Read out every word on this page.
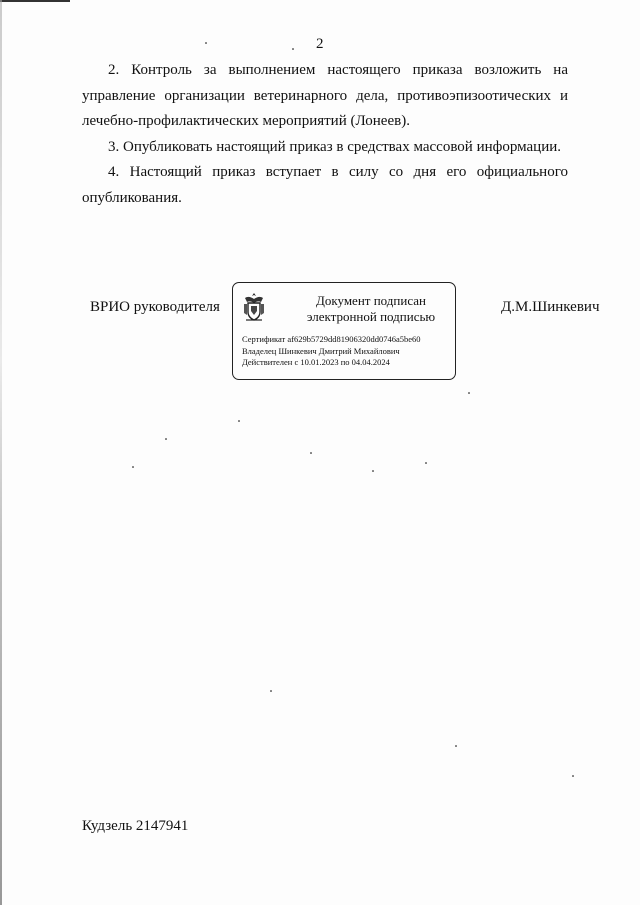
2

2. Контроль за выполнением настоящего приказа возложить на управление организации ветеринарного дела, противоэпизоотических и лечебно-профилактических мероприятий (Лонеев).

3. Опубликовать настоящий приказ в средствах массовой информации.

4. Настоящий приказ вступает в силу со дня его официального опубликования.

ВРИО руководителя	Документ подписан
электронной подписью
Сертификат af629b5729dd81906320dd0746a5be60
Владелец Шинкевич Дмитрий Михайлович
Действителен с 10.01.2023 по 04.04.2024
Д.М.Шинкевич
Кудзель 2147941
